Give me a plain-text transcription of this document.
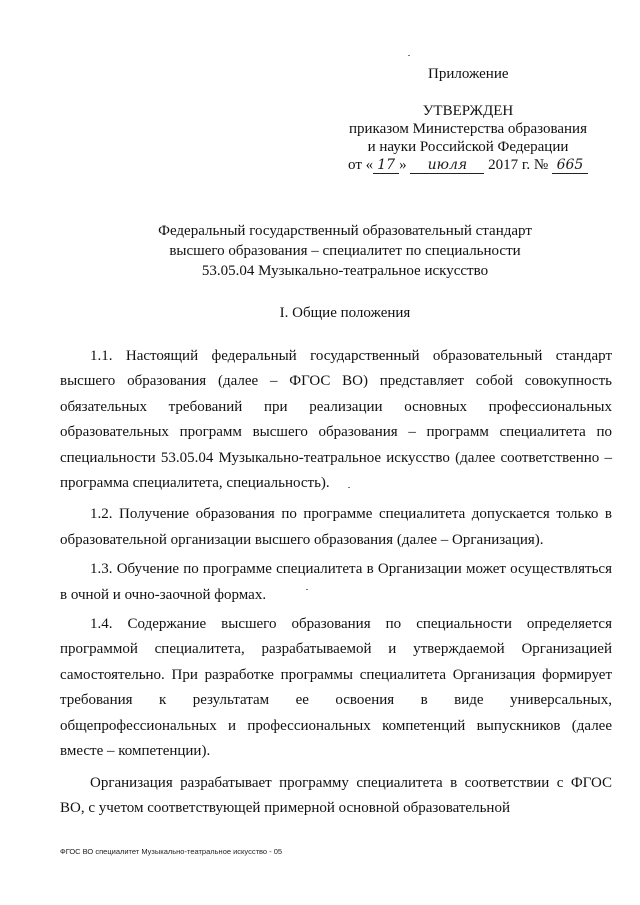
Приложение
УТВЕРЖДЕН
приказом Министерства образования
и науки Российской Федерации
от « 17 » июля 2017 г. № 665
Федеральный государственный образовательный стандарт
высшего образования – специалитет по специальности
53.05.04 Музыкально-театральное искусство
I. Общие положения

1.1. Настоящий федеральный государственный образовательный стандарт высшего образования (далее – ФГОС ВО) представляет собой совокупность обязательных требований при реализации основных профессиональных образовательных программ высшего образования – программ специалитета по специальности 53.05.04 Музыкально-театральное искусство (далее соответственно – программа специалитета, специальность).

1.2. Получение образования по программе специалитета допускается только в образовательной организации высшего образования (далее – Организация).

1.3. Обучение по программе специалитета в Организации может осуществляться в очной и очно-заочной формах.

1.4. Содержание высшего образования по специальности определяется программой специалитета, разрабатываемой и утверждаемой Организацией самостоятельно. При разработке программы специалитета Организация формирует требования к результатам ее освоения в виде универсальных, общепрофессиональных и профессиональных компетенций выпускников (далее вместе – компетенции).

Организация разрабатывает программу специалитета в соответствии с ФГОС ВО, с учетом соответствующей примерной основной образовательной

ФГОС ВО специалитет Музыкально-театральное искусство - 05
